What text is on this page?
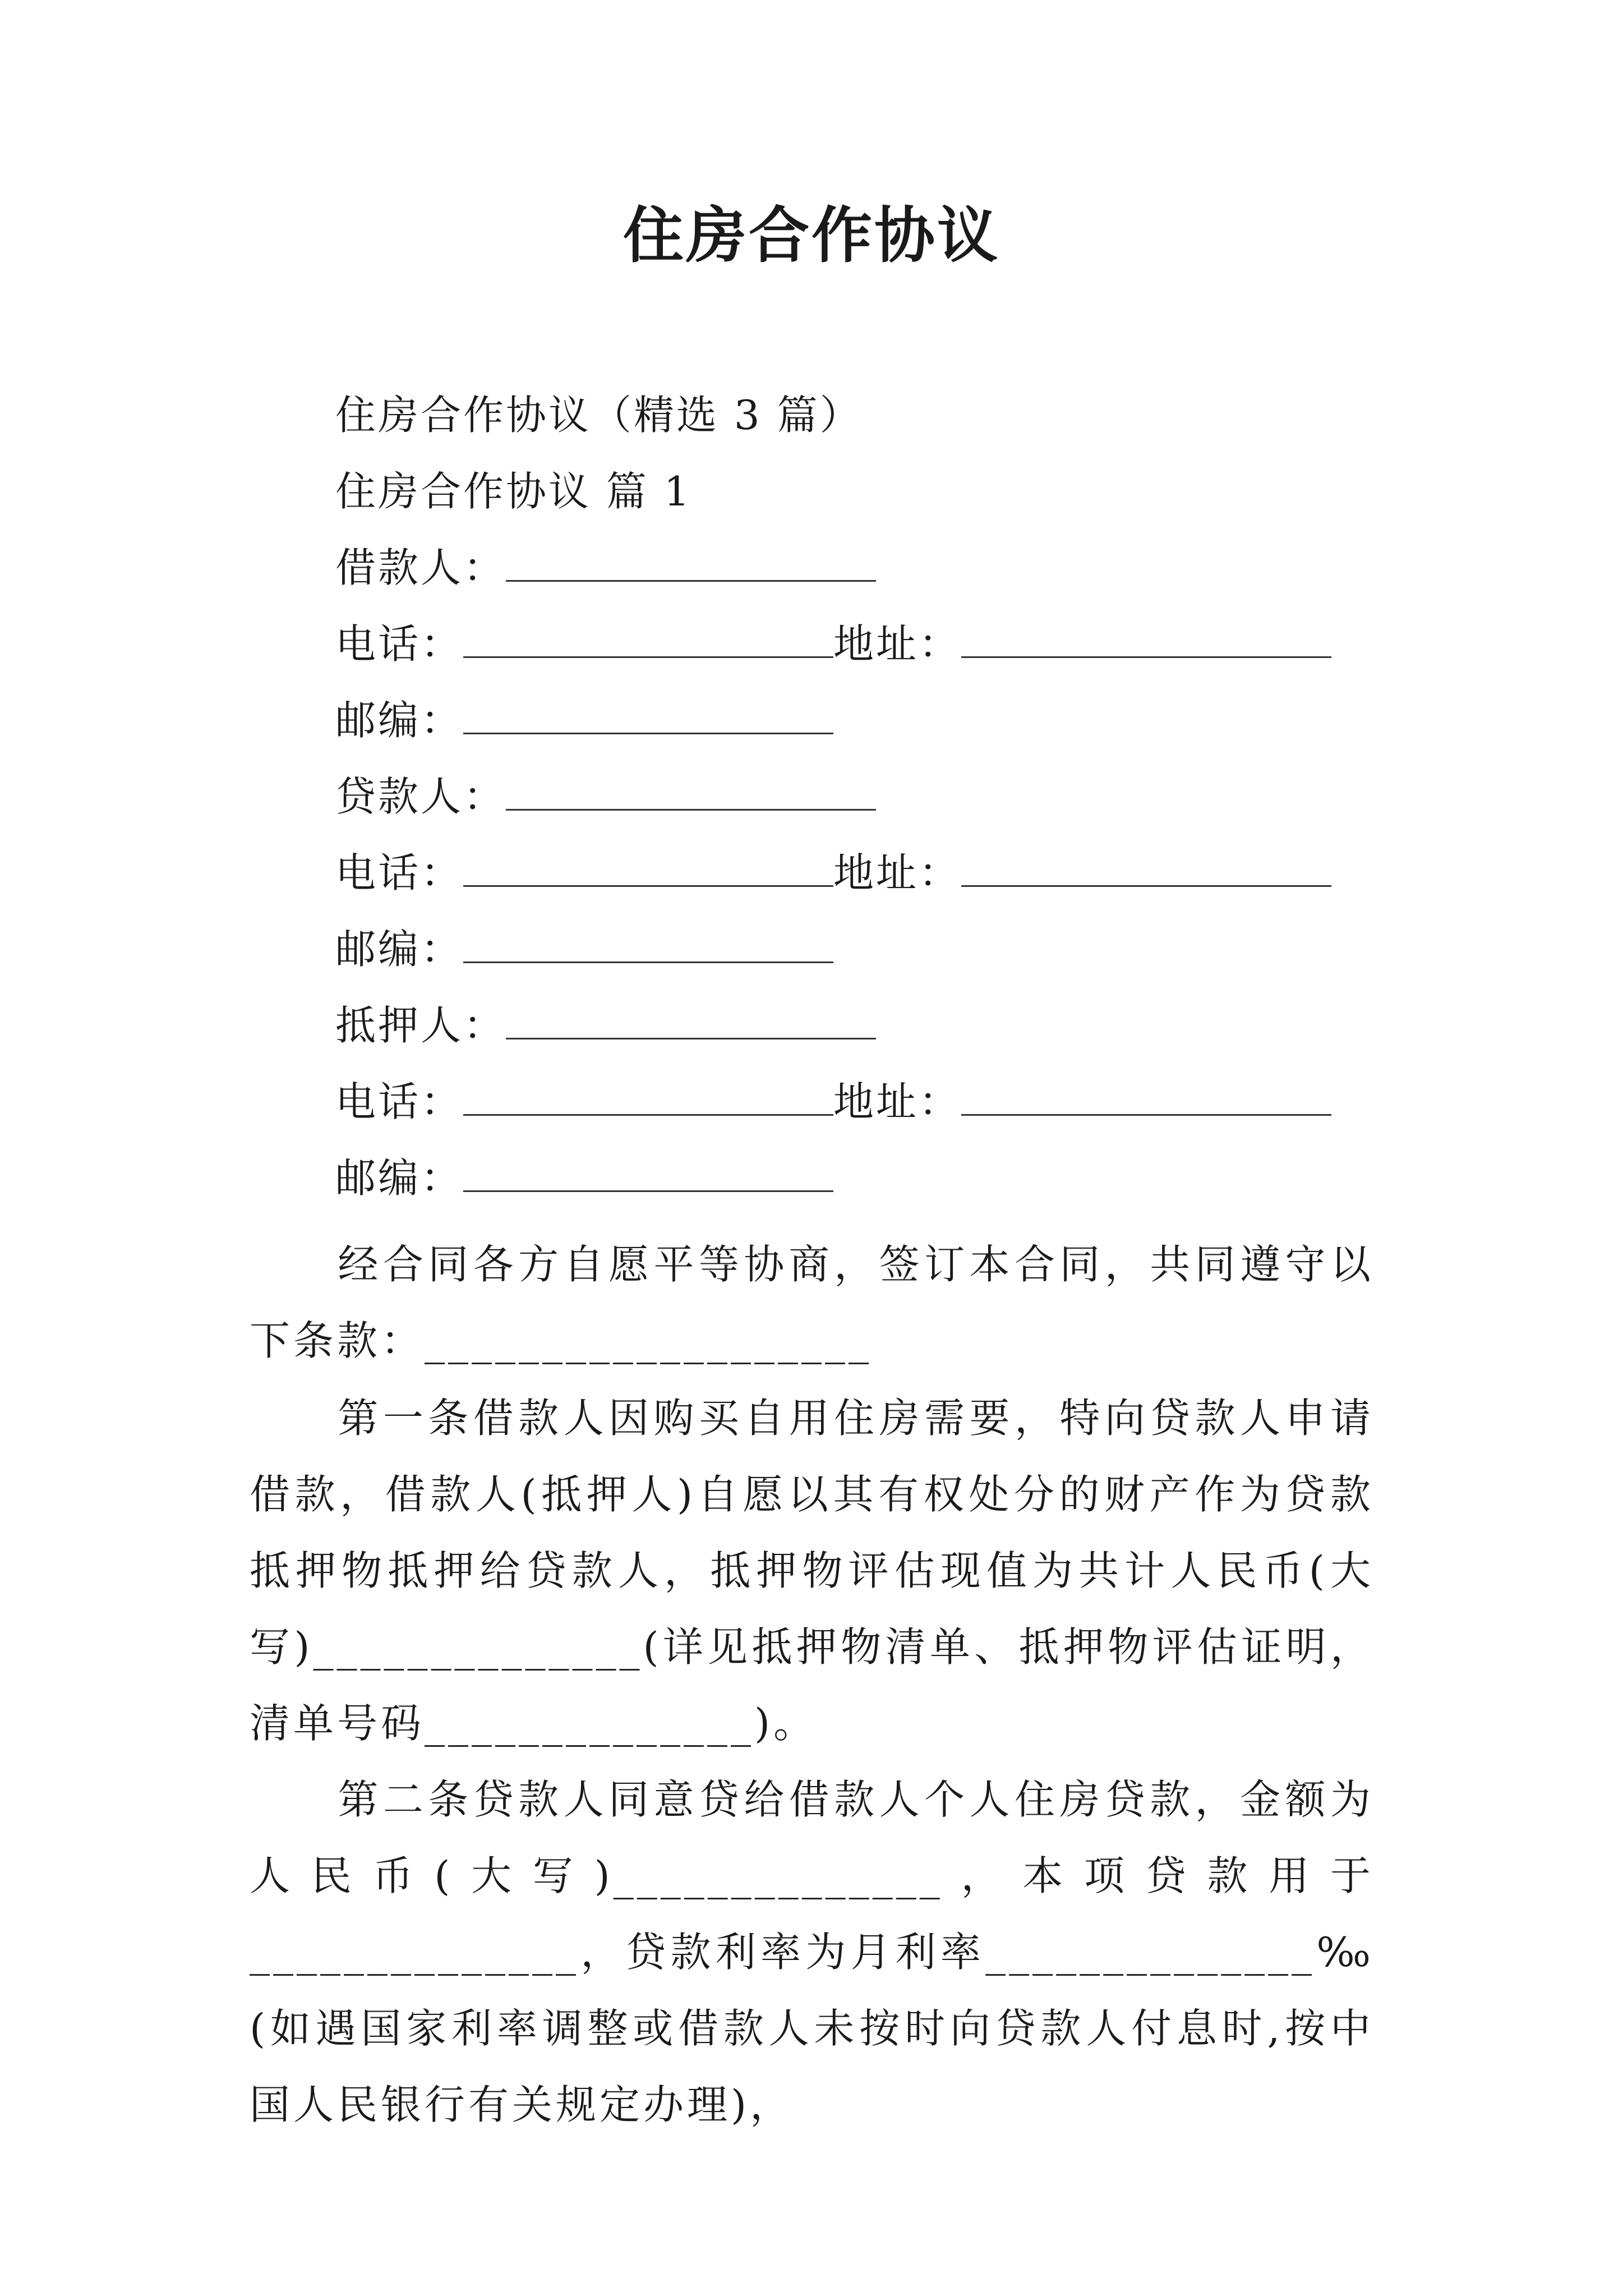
住房合作协议
住房合作协议（精选 3 篇）
住房合作协议 篇 1
借款人：
电话：	地址：
邮编：
贷款人：
电话：	地址：
邮编：
抵押人：
电话：	地址：
邮编：
经合同各方自愿平等协商，签订本合同，共同遵守以下条款：___________________
第一条借款人因购买自用住房需要，特向贷款人申请借款，借款人(抵押人)自愿以其有权处分的财产作为贷款抵押物抵押给贷款人，抵押物评估现值为共计人民币(大写)______________(详见抵押物清单、抵押物评估证明，清单号码______________)。
第二条贷款人同意贷给借款人个人住房贷款，金额为人民币(大写)______________，本项贷款用于______________，贷款利率为月利率______________‰(如遇国家利率调整或借款人未按时向贷款人付息时,按中国人民银行有关规定办理)，
